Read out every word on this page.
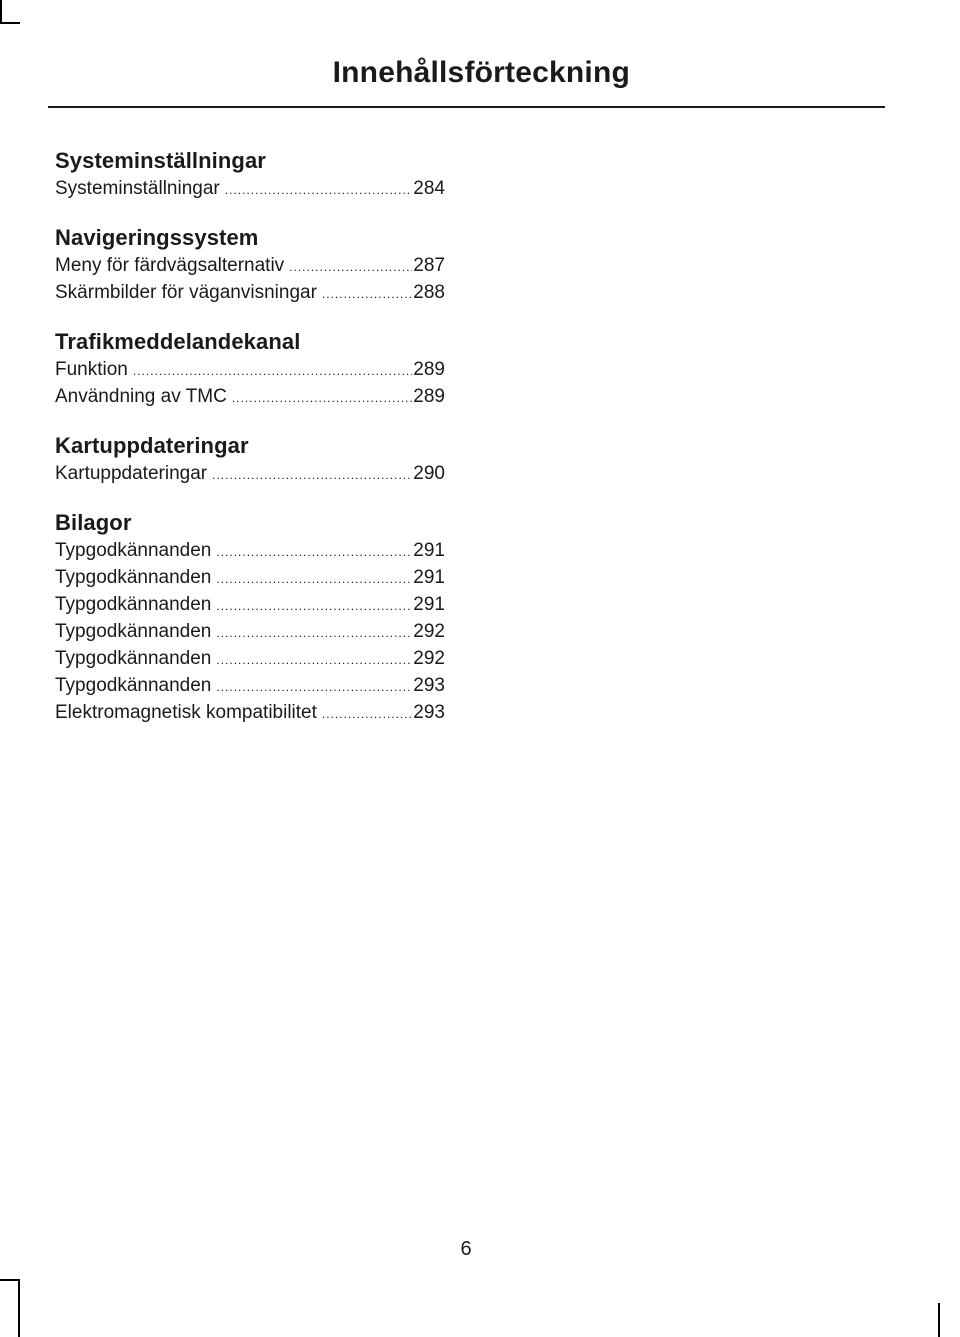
Innehållsförteckning
Systeminställningar
Systeminställningar .....	284
Navigeringssystem
Meny för färdvägsalternativ .....	287
Skärmbilder för väganvisningar .....	288
Trafikmeddelandekanal
Funktion .....	289
Användning av TMC .....	289
Kartuppdateringar
Kartuppdateringar .....	290
Bilagor
Typgodkännanden .....	291
Typgodkännanden .....	291
Typgodkännanden .....	291
Typgodkännanden .....	292
Typgodkännanden .....	292
Typgodkännanden .....	293
Elektromagnetisk kompatibilitet .....	293
6
